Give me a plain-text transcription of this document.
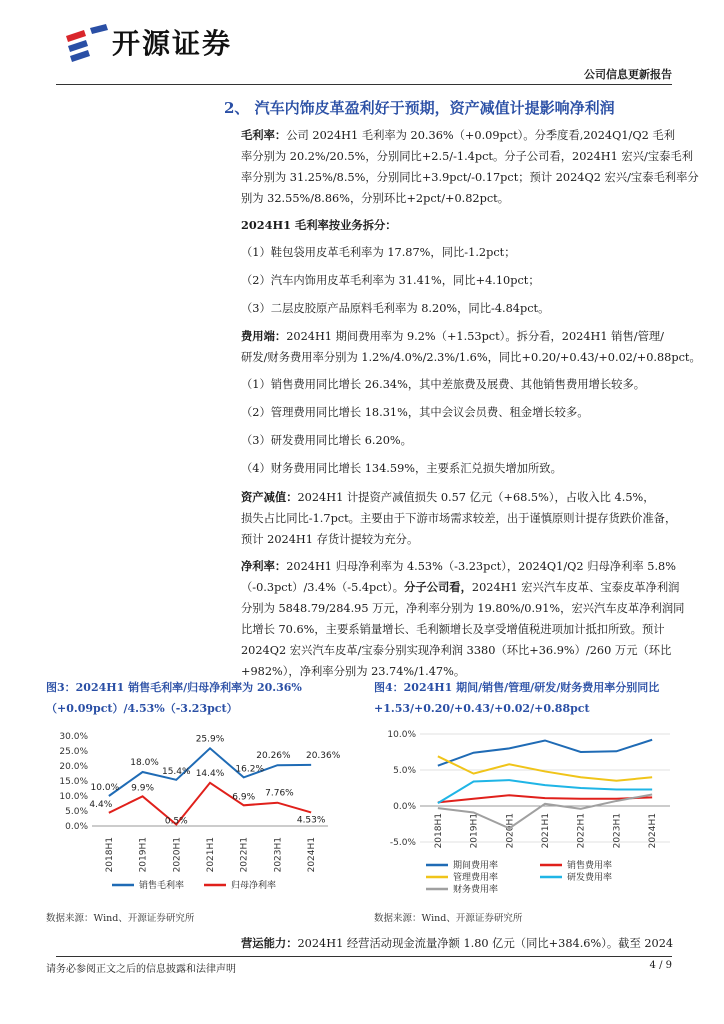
开源证券
公司信息更新报告
2、 汽车内饰皮革盈利好于预期，资产减值计提影响净利润
毛利率：公司 2024H1 毛利率为 20.36%（+0.09pct）。分季度看,2024Q1/Q2 毛利
率分别为 20.2%/20.5%，分别同比+2.5/-1.4pct。分子公司看，2024H1 宏兴/宝泰毛利
率分别为 31.25%/8.5%，分别同比+3.9pct/-0.17pct；预计 2024Q2 宏兴/宝泰毛利率分
别为 32.55%/8.86%，分别环比+2pct/+0.82pct。
2024H1 毛利率按业务拆分：
（1）鞋包袋用皮革毛利率为 17.87%，同比-1.2pct；
（2）汽车内饰用皮革毛利率为 31.41%，同比+4.10pct；
（3）二层皮胶原产品原料毛利率为 8.20%，同比-4.84pct。
费用端：2024H1 期间费用率为 9.2%（+1.53pct）。拆分看，2024H1 销售/管理/
研发/财务费用率分别为 1.2%/4.0%/2.3%/1.6%，同比+0.20/+0.43/+0.02/+0.88pct。
（1）销售费用同比增长 26.34%，其中差旅费及展费、其他销售费用增长较多。
（2）管理费用同比增长 18.31%，其中会议会员费、租金增长较多。
（3）研发费用同比增长 6.20%。
（4）财务费用同比增长 134.59%，主要系汇兑损失增加所致。
资产减值：2024H1 计提资产减值损失 0.57 亿元（+68.5%），占收入比 4.5%，
损失占比同比-1.7pct。主要由于下游市场需求较差，出于谨慎原则计提存货跌价准备，
预计 2024H1 存货计提较为充分。
净利率：2024H1 归母净利率为 4.53%（-3.23pct），2024Q1/Q2 归母净利率 5.8%
（-0.3pct）/3.4%（-5.4pct）。分子公司看，2024H1 宏兴汽车皮革、宝泰皮革净利润
分别为 5848.79/284.95 万元，净利率分别为 19.80%/0.91%，宏兴汽车皮革净利润同
比增长 70.6%，主要系销量增长、毛利额增长及享受增值税进项加计抵扣所致。预计
2024Q2 宏兴汽车皮革/宝泰分别实现净利润 3380（环比+36.9%）/260 万元（环比
+982%），净利率分别为 23.74%/1.47%。
图3：2024H1 销售毛利率/归母净利率为 20.36%
（+0.09pct）/4.53%（-3.23pct）
0.0%
5.0%
10.0%
15.0%
20.0%
25.0%
30.0%
2018H1	2019H1	2020H1	2021H1	2022H1	2023H1	2024H1
10.0%
18.0%
15.4%
25.9%
16.2%
20.26% 20.36%
4.4%
9.9%
0.5%
14.4%
6.9% 7.76%
4.53%
销售毛利率	归母净利率
数据来源：Wind、开源证券研究所
图4：2024H1 期间/销售/管理/研发/财务费用率分别同比
+1.53/+0.20/+0.43/+0.02/+0.88pct
-5.0%
0.0%
5.0%
10.0%
2018H1	2019H1	2020H1	2021H1	2022H1	2023H1	2024H1
期间费用率	销售费用率
管理费用率	研发费用率
财务费用率
数据来源：Wind、开源证券研究所
营运能力：2024H1 经营活动现金流量净额 1.80 亿元（同比+384.6%）。截至 2024
请务必参阅正文之后的信息披露和法律声明	4 / 9
